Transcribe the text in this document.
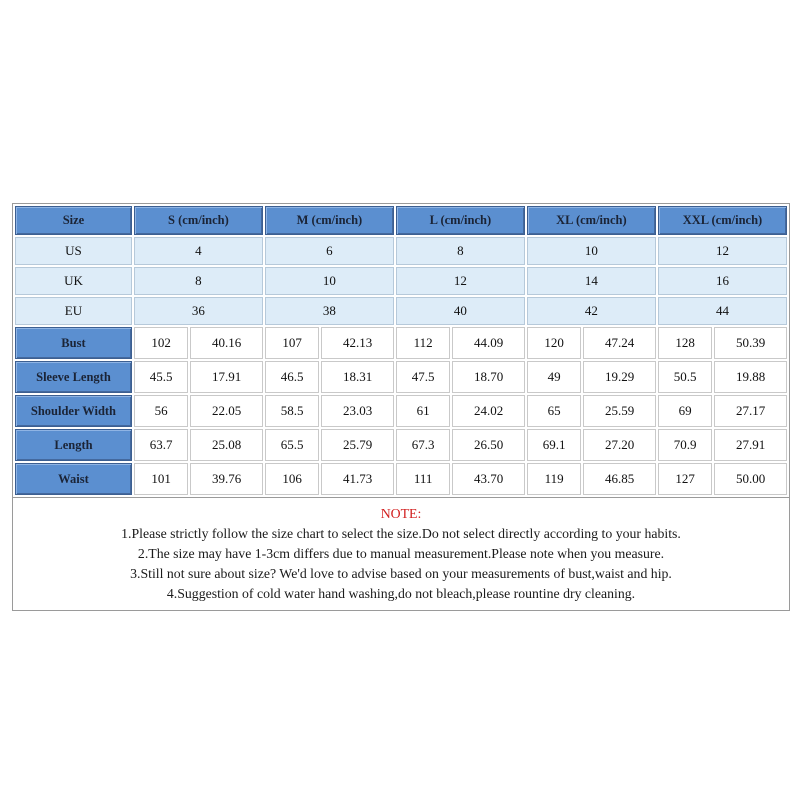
Size	S (cm/inch)		M (cm/inch)		L (cm/inch)		XL (cm/inch)		XXL (cm/inch)	
US	4		6		8		10		12	
UK	8		10		12		14		16	
EU	36		38		40		42		44	
Bust	102	40.16	107	42.13	112	44.09	120	47.24	128	50.39
Sleeve Length	45.5	17.91	46.5	18.31	47.5	18.70	49	19.29	50.5	19.88
Shoulder Width	56	22.05	58.5	23.03	61	24.02	65	25.59	69	27.17
Length	63.7	25.08	65.5	25.79	67.3	26.50	69.1	27.20	70.9	27.91
Waist	101	39.76	106	41.73	111	43.70	119	46.85	127	50.00
NOTE:
1.Please strictly follow the size chart to select the size.Do not select directly according to your habits.
2.The size may have 1-3cm differs due to manual measurement.Please note when you measure.
3.Still not sure about size? We'd love to advise based on your measurements of bust,waist and hip.
4.Suggestion of cold water hand washing,do not bleach,please rountine dry cleaning.
